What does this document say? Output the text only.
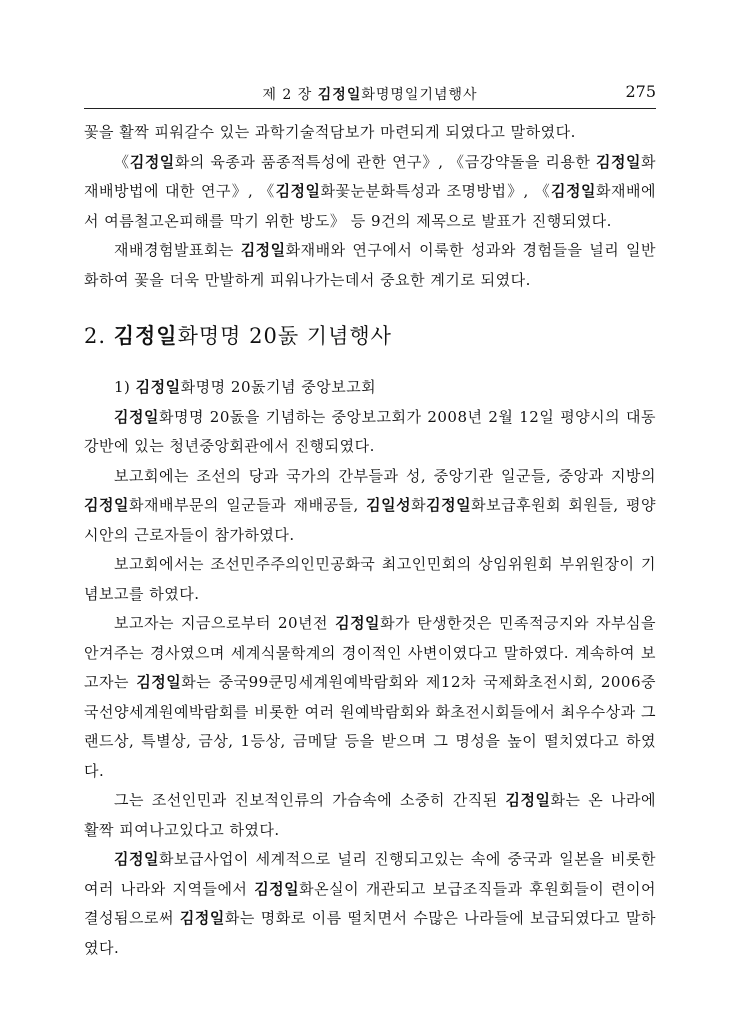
제 2 장 김정일화명명일기념행사	275

꽃을 활짝 피워갈수 있는 과학기술적담보가 마련되게 되였다고 말하였다.

《김정일화의 육종과 품종적특성에 관한 연구》, 《금강약돌을 리용한 김정일화재배방법에 대한 연구》, 《김정일화꽃눈분화특성과 조명방법》, 《김정일화재배에서 여름철고온피해를 막기 위한 방도》 등 9건의 제목으로 발표가 진행되였다.

재배경험발표회는 김정일화재배와 연구에서 이룩한 성과와 경험들을 널리 일반화하여 꽃을 더욱 만발하게 피워나가는데서 중요한 계기로 되였다.

2. 김정일화명명 20돐 기념행사

1) 김정일화명명 20돐기념 중앙보고회

김정일화명명 20돐을 기념하는 중앙보고회가 2008년 2월 12일 평양시의 대동강반에 있는 청년중앙회관에서 진행되였다.

보고회에는 조선의 당과 국가의 간부들과 성, 중앙기관 일군들, 중앙과 지방의 김정일화재배부문의 일군들과 재배공들, 김일성화김정일화보급후원회 회원들, 평양시안의 근로자들이 참가하였다.

보고회에서는 조선민주주의인민공화국 최고인민회의 상임위원회 부위원장이 기념보고를 하였다.

보고자는 지금으로부터 20년전 김정일화가 탄생한것은 민족적긍지와 자부심을 안겨주는 경사였으며 세계식물학계의 경이적인 사변이였다고 말하였다. 계속하여 보고자는 김정일화는 중국99쿤밍세계원예박람회와 제12차 국제화초전시회, 2006중국선양세계원예박람회를 비롯한 여러 원예박람회와 화초전시회들에서 최우수상과 그랜드상, 특별상, 금상, 1등상, 금메달 등을 받으며 그 명성을 높이 떨치였다고 하였다.

그는 조선인민과 진보적인류의 가슴속에 소중히 간직된 김정일화는 온 나라에 활짝 피여나고있다고 하였다.

김정일화보급사업이 세계적으로 널리 진행되고있는 속에 중국과 일본을 비롯한 여러 나라와 지역들에서 김정일화온실이 개관되고 보급조직들과 후원회들이 련이어 결성됨으로써 김정일화는 명화로 이름 떨치면서 수많은 나라들에 보급되였다고 말하였다.
